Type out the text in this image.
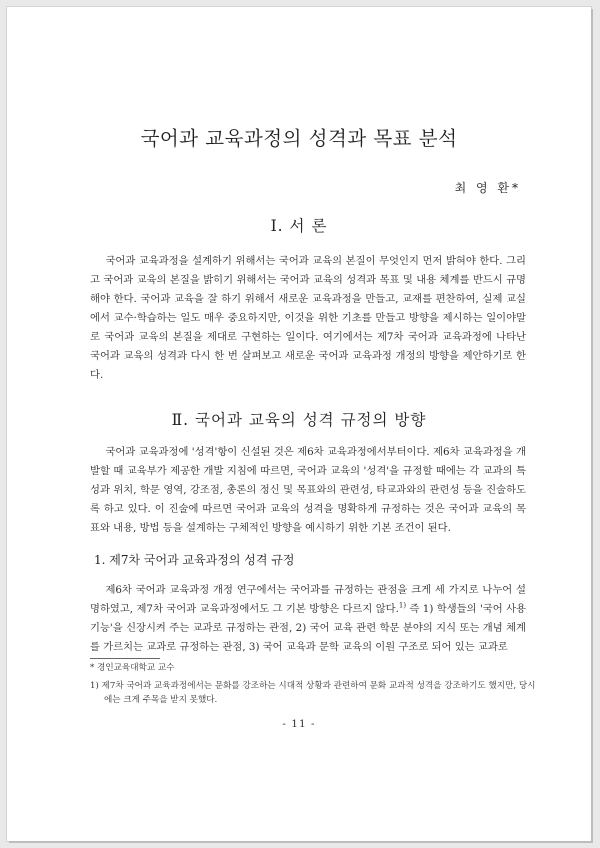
국어과 교육과정의 성격과 목표 분석
최 영 환*
Ⅰ. 서 론

국어과 교육과정을 설계하기 위해서는 국어과 교육의 본질이 무엇인지 먼저 밝혀야 한다. 그리고 국어과 교육의 본질을 밝히기 위해서는 국어과 교육의 성격과 목표 및 내용 체계를 반드시 규명해야 한다. 국어과 교육을 잘 하기 위해서 새로운 교육과정을 만들고, 교재를 편찬하여, 실제 교실에서 교수·학습하는 일도 매우 중요하지만, 이것을 위한 기초를 만들고 방향을 제시하는 일이야말로 국어과 교육의 본질을 제대로 구현하는 일이다. 여기에서는 제7차 국어과 교육과정에 나타난 국어과 교육의 성격과 다시 한 번 살펴보고 새로운 국어과 교육과정 개정의 방향을 제안하기로 한다.

Ⅱ. 국어과 교육의 성격 규정의 방향

국어과 교육과정에 '성격'항이 신설된 것은 제6차 교육과정에서부터이다. 제6차 교육과정을 개발할 때 교육부가 제공한 개발 지침에 따르면, 국어과 교육의 '성격'을 규정할 때에는 각 교과의 특성과 위치, 학문 영역, 강조점, 총론의 정신 및 목표와의 관련성, 타교과와의 관련성 등을 진술하도록 하고 있다. 이 진술에 따르면 국어과 교육의 성격을 명확하게 규정하는 것은 국어과 교육의 목표와 내용, 방법 등을 설계하는 구체적인 방향을 예시하기 위한 기본 조건이 된다.

1. 제7차 국어과 교육과정의 성격 규정

제6차 국어과 교육과정 개정 연구에서는 국어과를 규정하는 관점을 크게 세 가지로 나누어 설명하였고, 제7차 국어과 교육과정에서도 그 기본 방향은 다르지 않다.$^{1)}$ 즉 1) 학생들의 '국어 사용 기능'을 신장시켜 주는 교과로 규정하는 관점, 2) 국어 교육 관련 학문 분야의 지식 또는 개념 체계를 가르치는 교과로 규정하는 관점, 3) 국어 교육과 문학 교육의 이원 구조로 되어 있는 교과로

* 경인교육대학교 교수

1) 제7차 국어과 교육과정에서는 문화를 강조하는 시대적 상황과 관련하여 문화 교과적 성격을 강조하기도 했지만, 당시에는 크게 주목을 받지 못했다.

- 11 -
